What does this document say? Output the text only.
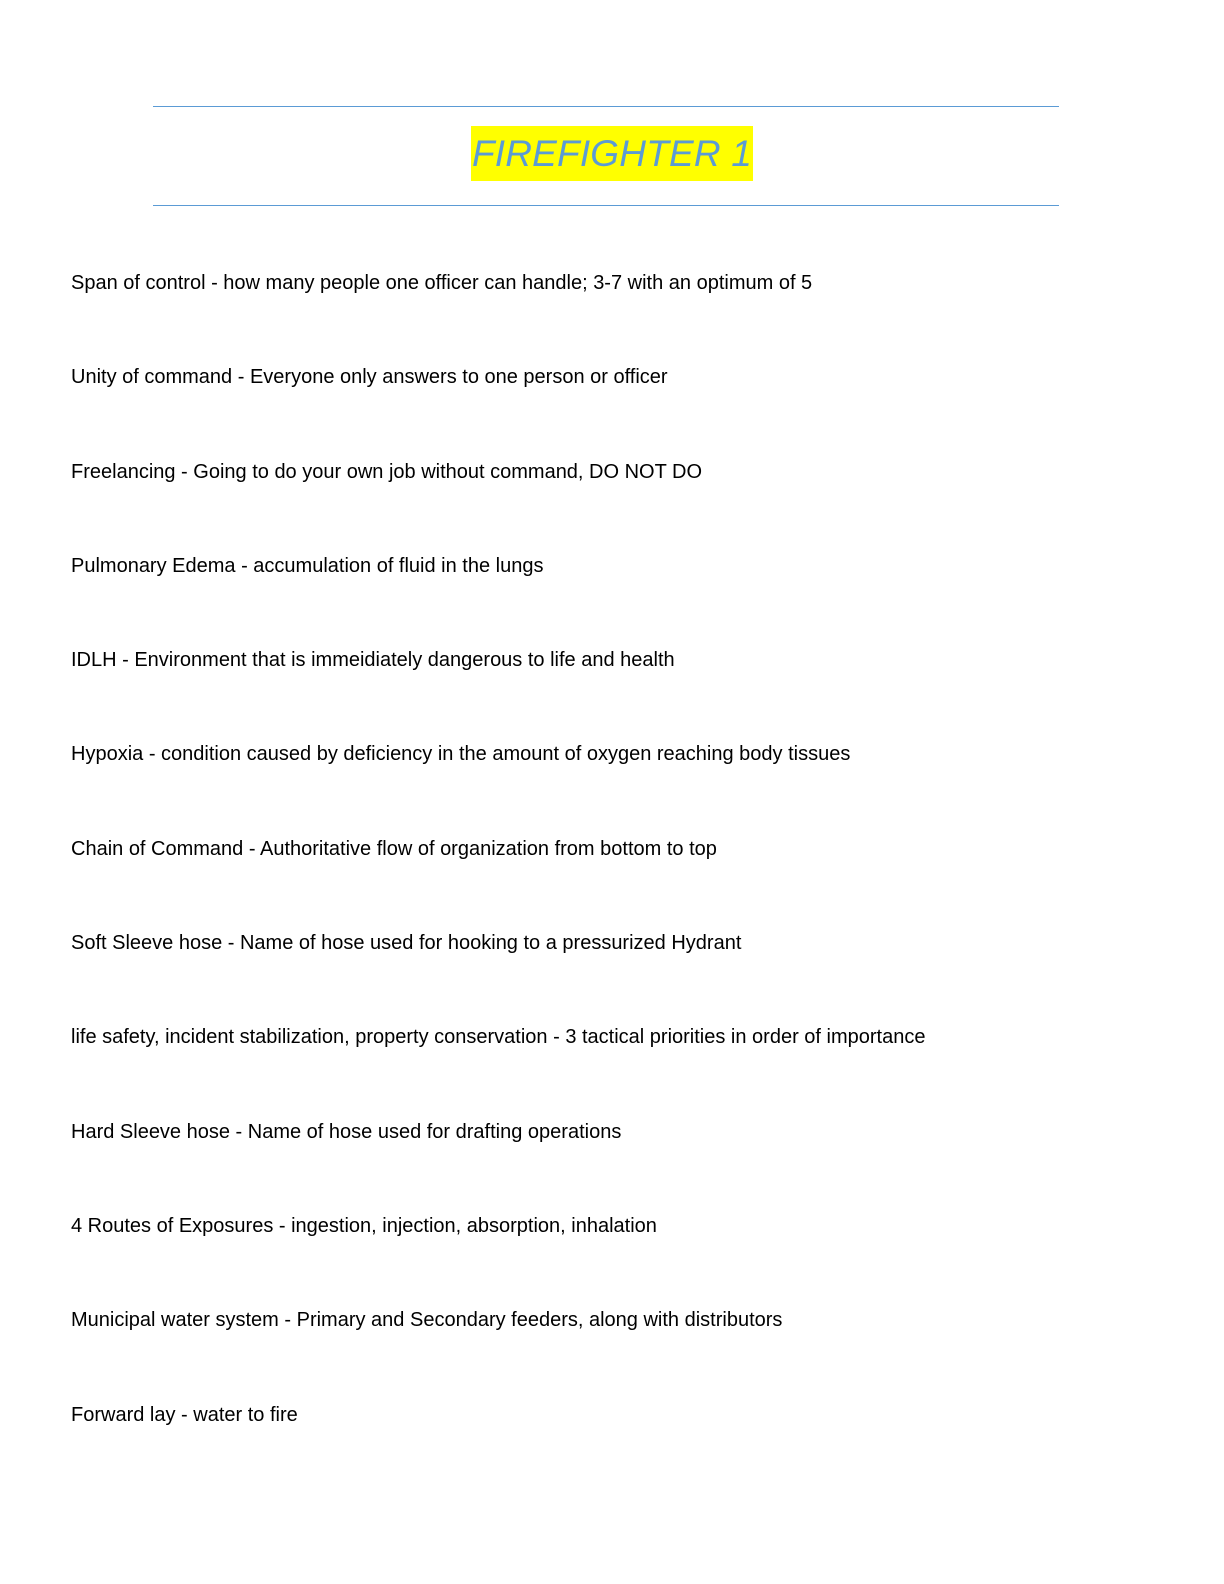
FIREFIGHTER 1
Span of control - how many people one officer can handle; 3-7 with an optimum of 5
Unity of command - Everyone only answers to one person or officer
Freelancing - Going to do your own job without command, DO NOT DO
Pulmonary Edema - accumulation of fluid in the lungs
IDLH - Environment that is immeidiately dangerous to life and health
Hypoxia - condition caused by deficiency in the amount of oxygen reaching body tissues
Chain of Command - Authoritative flow of organization from bottom to top
Soft Sleeve hose - Name of hose used for hooking to a pressurized Hydrant
life safety, incident stabilization, property conservation - 3 tactical priorities in order of importance
Hard Sleeve hose - Name of hose used for drafting operations
4 Routes of Exposures - ingestion, injection, absorption, inhalation
Municipal water system - Primary and Secondary feeders, along with distributors
Forward lay - water to fire
